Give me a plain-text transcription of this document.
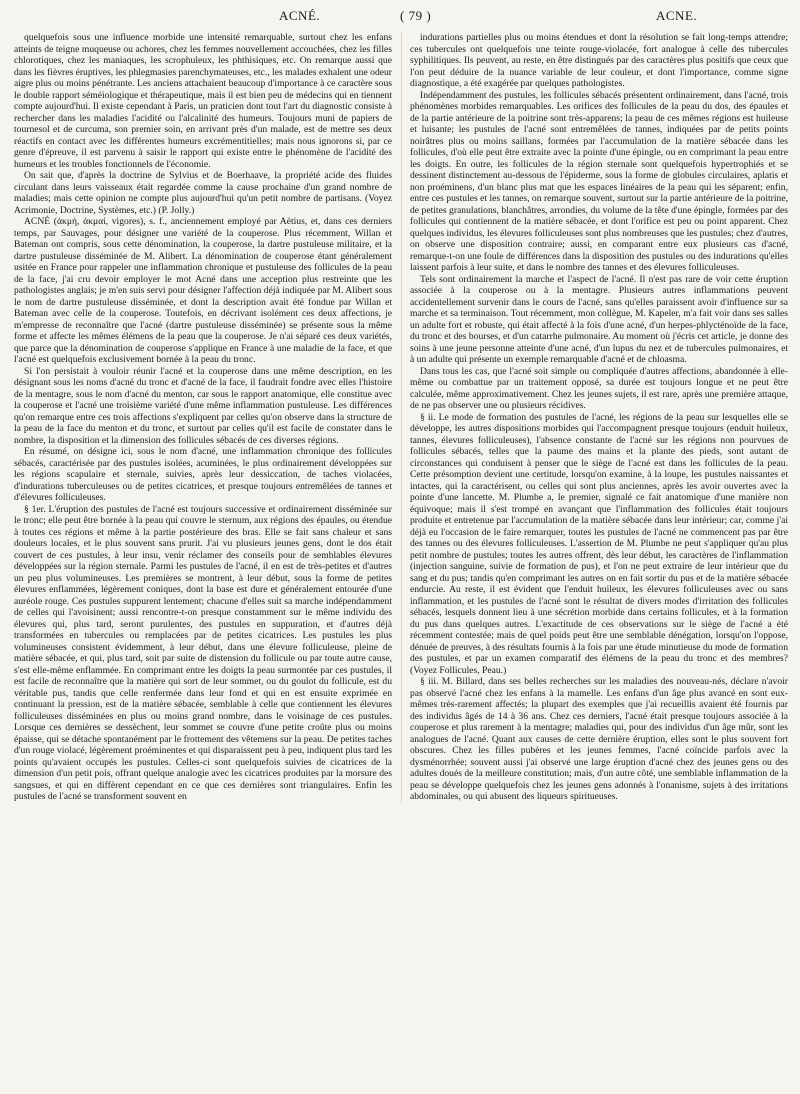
ACNÉ.	( 79 )	ACNE.

quelquefois sous une influence morbide une intensité remarquable, surtout chez les enfans atteints de teigne muqueuse ou achores, chez les femmes nouvellement accouchées, chez les filles chlorotiques, chez les maniaques, les scrophuleux, les phthisiques, etc. On remarque aussi que dans les fièvres éruptives, les phlegmasies parenchymateuses, etc., les malades exhalent une odeur aigre plus ou moins pénétrante. Les anciens attachaient beaucoup d'importance à ce caractère sous le double rapport séméiologique et thérapeutique, mais il est bien peu de médecins qui en tiennent compte aujourd'hui. Il existe cependant à Paris, un praticien dont tout l'art du diagnostic consiste à rechercher dans les maladies l'acidité ou l'alcalinité des humeurs. Toujours muni de papiers de tournesol et de curcuma, son premier soin, en arrivant près d'un malade, est de mettre ses deux réactifs en contact avec les différentes humeurs excrémentitielles; mais nous ignorons si, par ce genre d'épreuve, il est parvenu à saisir le rapport qui existe entre le phénomène de l'acidité des humeurs et les troubles fonctionnels de l'économie.

On sait que, d'après la doctrine de Sylvius et de Boerhaave, la propriété acide des fluides circulant dans leurs vaisseaux était regardée comme la cause prochaine d'un grand nombre de maladies; mais cette opinion ne compte plus aujourd'hui qu'un petit nombre de partisans. (Voyez Acrimonie, Doctrine, Systèmes, etc.) (P. Jolly.)

ACNÉ (ἀκμή, ἀκμαί, vigores), s. f., anciennement employé par Aëtius, et, dans ces derniers temps, par Sauvages, pour désigner une variété de la couperose. Plus récemment, Willan et Bateman ont compris, sous cette dénomination, la couperose, la dartre pustuleuse militaire, et la dartre pustuleuse disséminée de M. Alibert. La dénomination de couperose étant généralement usitée en France pour rappeler une inflammation chronique et pustuleuse des follicules de la peau de la face, j'ai cru devoir employer le mot Acné dans une acception plus restreinte que les pathologistes anglais; je m'en suis servi pour désigner l'affection déjà indiquée par M. Alibert sous le nom de dartre pustuleuse disséminée, et dont la description avait été fondue par Willan et Bateman avec celle de la couperose. Toutefois, en décrivant isolément ces deux affections, je m'empresse de reconnaître que l'acné (dartre pustuleuse disséminée) se présente sous la même forme et affecte les mêmes élémens de la peau que la couperose. Je n'ai séparé ces deux variétés, que parce que la dénomination de couperose s'applique en France à une maladie de la face, et que l'acné est quelquefois exclusivement bornée à la peau du tronc.

Si l'on persistait à vouloir réunir l'acné et la couperose dans une même description, en les désignant sous les noms d'acné du tronc et d'acné de la face, il faudrait fondre avec elles l'histoire de la mentagre, sous le nom d'acné du menton, car sous le rapport anatomique, elle constitue avec la couperose et l'acné une troisième variété d'une même inflammation pustuleuse. Les différences qu'on remarque entre ces trois affections s'expliquent par celles qu'on observe dans la structure de la peau de la face du menton et du tronc, et surtout par celles qu'il est facile de constater dans le nombre, la disposition et la dimension des follicules sébacés de ces diverses régions.

En résumé, on désigne ici, sous le nom d'acné, une inflammation chronique des follicules sébacés, caractérisée par des pustules isolées, acuminées, le plus ordinairement développées sur les régions scapulaire et sternale, suivies, après leur dessiccation, de taches violacées, d'indurations tuberculeuses ou de petites cicatrices, et presque toujours entremêlées de tannes et d'élevures folliculeuses.

§ 1er. L'éruption des pustules de l'acné est toujours successive et ordinairement disséminée sur le tronc; elle peut être bornée à la peau qui couvre le sternum, aux régions des épaules, ou étendue à toutes ces régions et même à la partie postérieure des bras. Elle se fait sans chaleur et sans douleurs locales, et le plus souvent sans prurit. J'ai vu plusieurs jeunes gens, dont le dos était couvert de ces pustules, à leur insu, venir réclamer des conseils pour de semblables élevures développées sur la région sternale. Parmi les pustules de l'acné, il en est de très-petites et d'autres un peu plus volumineuses. Les premières se montrent, à leur début, sous la forme de petites élevures enflammées, légèrement coniques, dont la base est dure et généralement entourée d'une auréole rouge. Ces pustules suppurent lentement; chacune d'elles suit sa marche indépendamment de celles qui l'avoisinent; aussi rencontre-t-on presque constamment sur le même individu des élevures qui, plus tard, seront purulentes, des pustules en suppuration, et d'autres déjà transformées en tubercules ou remplacées par de petites cicatrices. Les pustules les plus volumineuses consistent évidemment, à leur début, dans une élevure folliculeuse, pleine de matière sébacée, et qui, plus tard, soit par suite de distension du follicule ou par toute autre cause, s'est elle-même enflammée. En comprimant entre les doigts la peau surmontée par ces pustules, il est facile de reconnaître que la matière qui sort de leur sommet, ou du goulot du follicule, est du véritable pus, tandis que celle renfermée dans leur fond et qui en est ensuite exprimée en continuant la pression, est de la matière sébacée, semblable à celle que contiennent les élevures folliculeuses disséminées en plus ou moins grand nombre, dans le voisinage de ces pustules. Lorsque ces dernières se dessèchent, leur sommet se couvre d'une petite croûte plus ou moins épaisse, qui se détache spontanément par le frottement des vêtemens sur la peau. De petites taches d'un rouge violacé, légèrement proéminentes et qui disparaissent peu à peu, indiquent plus tard les points qu'avaient occupés les pustules. Celles-ci sont quelquefois suivies de cicatrices de la dimension d'un petit pois, offrant quelque analogie avec les cicatrices produites par la morsure des sangsues, et qui en diffèrent cependant en ce que ces dernières sont triangulaires. Enfin les pustules de l'acné se transforment souvent en

indurations partielles plus ou moins étendues et dont la résolution se fait long-temps attendre; ces tubercules ont quelquefois une teinte rouge-violacée, fort analogue à celle des tubercules syphilitiques. Ils peuvent, au reste, en être distingués par des caractères plus positifs que ceux que l'on peut déduire de la nuance variable de leur couleur, et dont l'importance, comme signe diagnostique, a été exagérée par quelques pathologistes.

Indépendamment des pustules, les follicules sébacés présentent ordinairement, dans l'acné, trois phénomènes morbides remarquables. Les orifices des follicules de la peau du dos, des épaules et de la partie antérieure de la poitrine sont très-apparens; la peau de ces mêmes régions est huileuse et luisante; les pustules de l'acné sont entremêlées de tannes, indiquées par de petits points noirâtres plus ou moins saillans, formées par l'accumulation de la matière sébacée dans les follicules, d'où elle peut être extraite avec la pointe d'une épingle, ou en comprimant la peau entre les doigts. En outre, les follicules de la région sternale sont quelquefois hypertrophiés et se dessinent distinctement au-dessous de l'épiderme, sous la forme de globules circulaires, aplatis et non proéminens, d'un blanc plus mat que les espaces linéaires de la peau qui les séparent; enfin, entre ces pustules et les tannes, on remarque souvent, surtout sur la partie antérieure de la poitrine, de petites granulations, blanchâtres, arrondies, du volume de la tête d'une épingle, formées par des follicules qui contiennent de la matière sébacée, et dont l'orifice est peu ou point apparent. Chez quelques individus, les élevures folliculeuses sont plus nombreuses que les pustules; chez d'autres, on observe une disposition contraire; aussi, en comparant entre eux plusieurs cas d'acné, remarque-t-on une foule de différences dans la disposition des pustules ou des indurations qu'elles laissent parfois à leur suite, et dans le nombre des tannes et des élevures folliculeuses.

Tels sont ordinairement la marche et l'aspect de l'acné. Il n'est pas rare de voir cette éruption associée à la couperose ou à la mentagre. Plusieurs autres inflammations peuvent accidentellement survenir dans le cours de l'acné, sans qu'elles paraissent avoir d'influence sur sa marche et sa terminaison. Tout récemment, mon collègue, M. Kapeler, m'a fait voir dans ses salles un adulte fort et robuste, qui était affecté à la fois d'une acné, d'un herpes-phlycténoïde de la face, du tronc et des bourses, et d'un catarrhe pulmonaire. Au moment où j'écris cet article, je donne des soins à une jeune personne atteinte d'une acné, d'un lupus du nez et de tubercules pulmonaires, et à un adulte qui présente un exemple remarquable d'acné et de chloasma.

Dans tous les cas, que l'acné soit simple ou compliquée d'autres affections, abandonnée à elle-même ou combattue par un traitement opposé, sa durée est toujours longue et ne peut être calculée, même approximativement. Chez les jeunes sujets, il est rare, après une première attaque, de ne pas observer une ou plusieurs récidives.

§ ii. Le mode de formation des pustules de l'acné, les régions de la peau sur lesquelles elle se développe, les autres dispositions morbides qui l'accompagnent presque toujours (enduit huileux, tannes, élevures folliculeuses), l'absence constante de l'acné sur les régions non pourvues de follicules sébacés, telles que la paume des mains et la plante des pieds, sont autant de circonstances qui conduisent à penser que le siège de l'acné est dans les follicules de la peau. Cette présomption devient une certitude, lorsqu'on examine, à la loupe, les pustules naissantes et intactes, qui la caractérisent, ou celles qui sont plus anciennes, après les avoir ouvertes avec la pointe d'une lancette. M. Plumbe a, le premier, signalé ce fait anatomique d'une manière non équivoque; mais il s'est trompé en avançant que l'inflammation des follicules était toujours produite et entretenue par l'accumulation de la matière sébacée dans leur intérieur; car, comme j'ai déjà eu l'occasion de le faire remarquer, toutes les pustules de l'acné ne commencent pas par être des tannes ou des élevures folliculeuses. L'assertion de M. Plumbe ne peut s'appliquer qu'au plus petit nombre de pustules; toutes les autres offrent, dès leur début, les caractères de l'inflammation (injection sanguine, suivie de formation de pus), et l'on ne peut extraire de leur intérieur que du sang et du pus; tandis qu'en comprimant les autres on en fait sortir du pus et de la matière sébacée endurcie. Au reste, il est évident que l'enduit huileux, les élevures folliculeuses avec ou sans inflammation, et les pustules de l'acné sont le résultat de divers modes d'irritation des follicules sébacés, lesquels donnent lieu à une sécrétion morbide dans certains follicules, et à la formation du pus dans quelques autres. L'exactitude de ces observations sur le siège de l'acné a été récemment contestée; mais de quel poids peut être une semblable dénégation, lorsqu'on l'oppose, dénuée de preuves, à des résultats fournis à la fois par une étude minutieuse du mode de formation des pustules, et par un examen comparatif des élémens de la peau du tronc et des membres? (Voyez Follicules, Peau.)

§ iii. M. Billard, dans ses belles recherches sur les maladies des nouveau-nés, déclare n'avoir pas observé l'acné chez les enfans à la mamelle. Les enfans d'un âge plus avancé en sont eux-mêmes très-rarement affectés; la plupart des exemples que j'ai recueillis avaient été fournis par des individus âgés de 14 à 36 ans. Chez ces derniers, l'acné était presque toujours associée à la couperose et plus rarement à la mentagre; maladies qui, pour des individus d'un âge mûr, sont les analogues de l'acné. Quant aux causes de cette dernière éruption, elles sont le plus souvent fort obscures. Chez les filles pubères et les jeunes femmes, l'acné coïncide parfois avec la dysménorrhée; souvent aussi j'ai observé une large éruption d'acné chez des jeunes gens ou des adultes doués de la meilleure constitution; mais, d'un autre côté, une semblable inflammation de la peau se développe quelquefois chez les jeunes gens adonnés à l'onanisme, sujets à des irritations abdominales, ou qui abusent des liqueurs spiritueuses.
